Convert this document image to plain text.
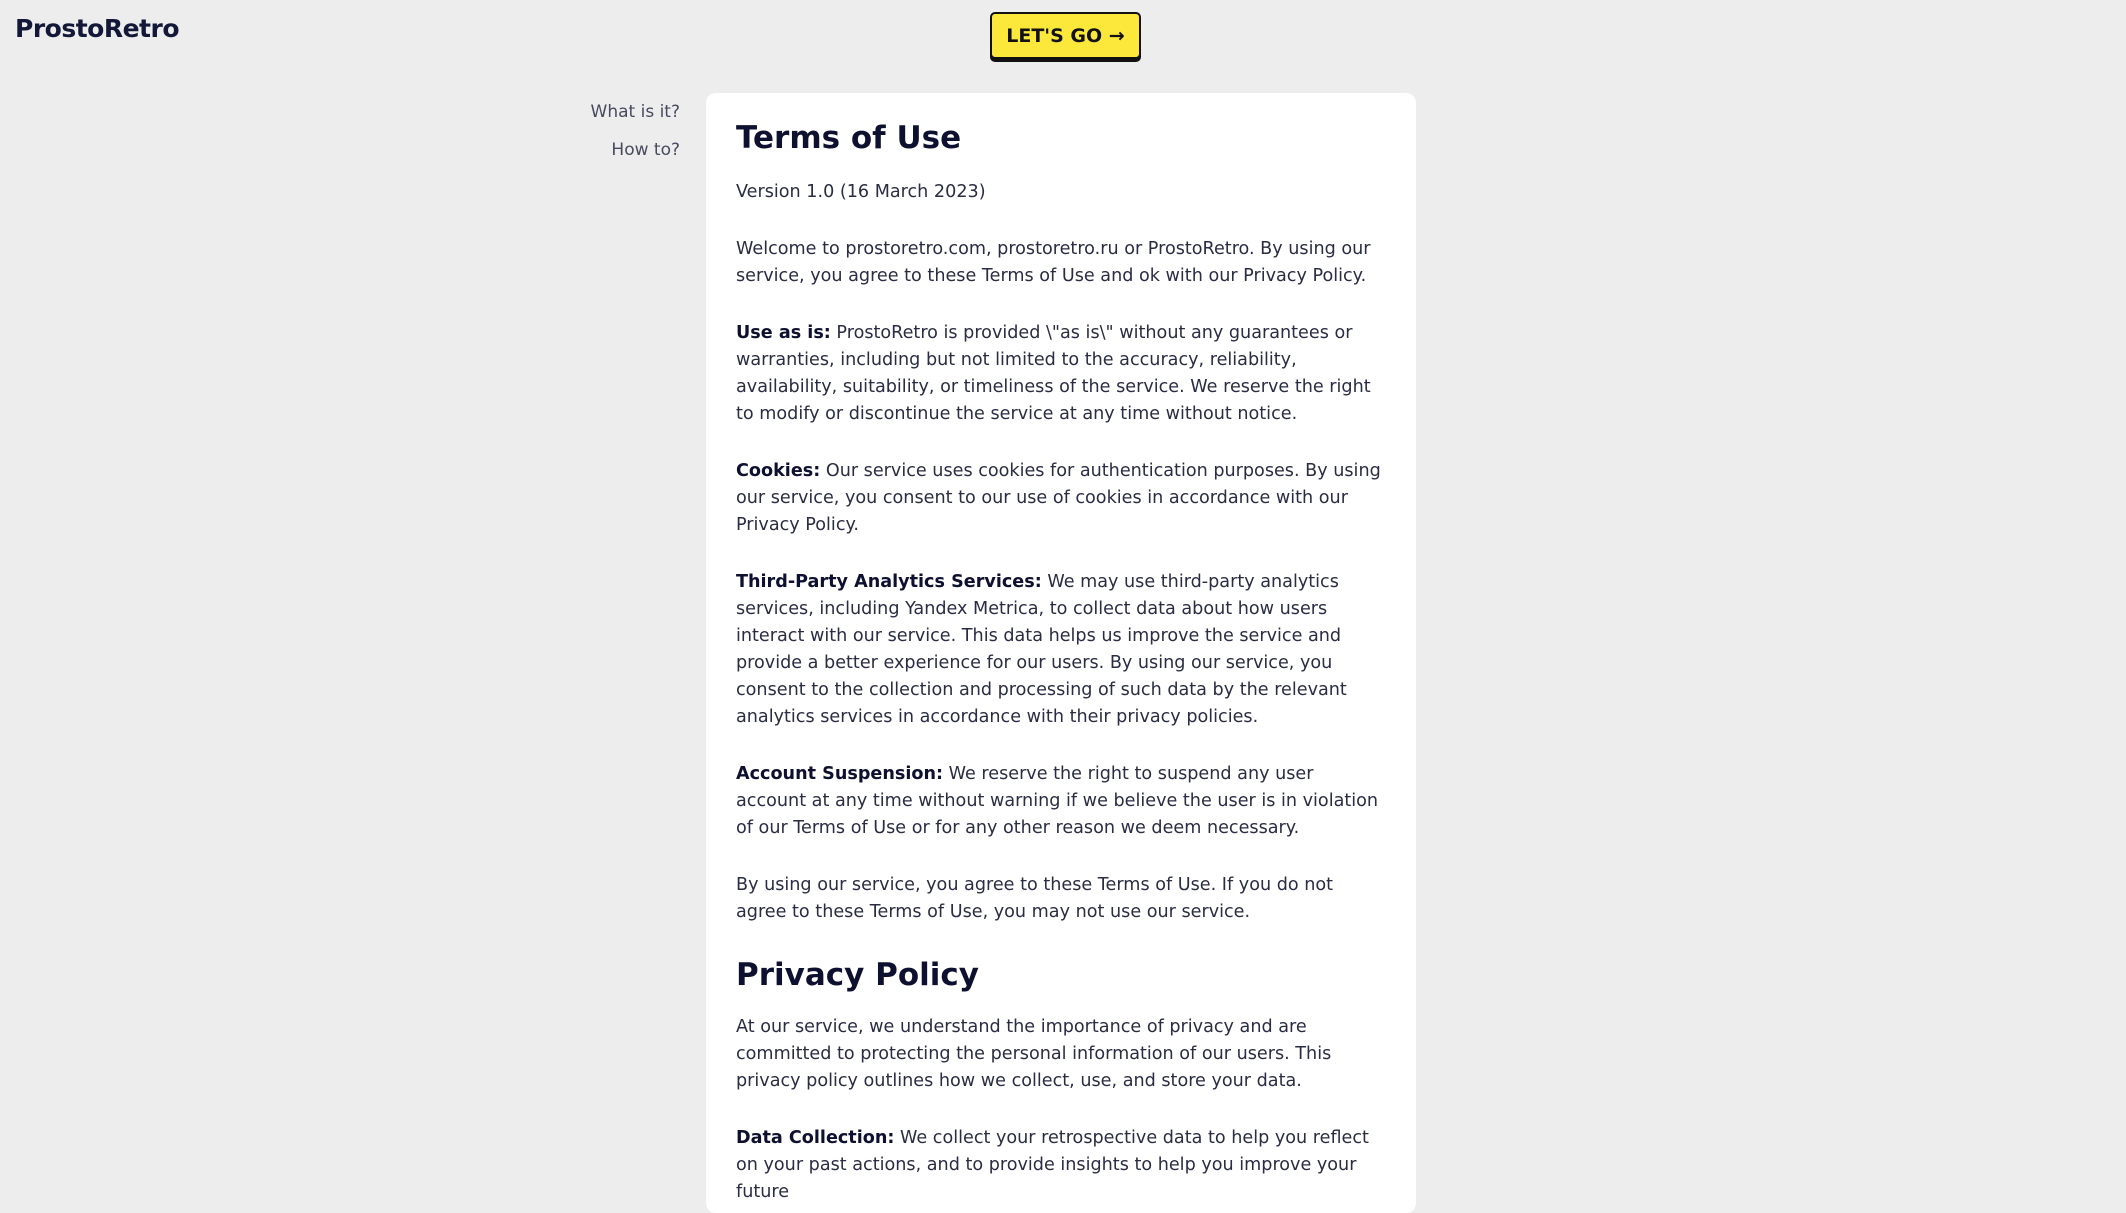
ProstoRetro	LET'S GO →
What is it?
How to? Terms of Use

Version 1.0 (16 March 2023)

Welcome to prostoretro.com, prostoretro.ru or ProstoRetro. By using our service, you agree to these Terms of Use and ok with our Privacy Policy.

Use as is: ProstoRetro is provided \"as is\" without any guarantees or warranties, including but not limited to the accuracy, reliability, availability, suitability, or timeliness of the service. We reserve the right to modify or discontinue the service at any time without notice.

Cookies: Our service uses cookies for authentication purposes. By using our service, you consent to our use of cookies in accordance with our Privacy Policy.

Third-Party Analytics Services: We may use third-party analytics services, including Yandex Metrica, to collect data about how users interact with our service. This data helps us improve the service and provide a better experience for our users. By using our service, you consent to the collection and processing of such data by the relevant analytics services in accordance with their privacy policies.

Account Suspension: We reserve the right to suspend any user account at any time without warning if we believe the user is in violation of our Terms of Use or for any other reason we deem necessary.

By using our service, you agree to these Terms of Use. If you do not agree to these Terms of Use, you may not use our service.

Privacy Policy

At our service, we understand the importance of privacy and are committed to protecting the personal information of our users. This privacy policy outlines how we collect, use, and store your data.

Data Collection: We collect your retrospective data to help you reflect on your past actions, and to provide insights to help you improve your future
